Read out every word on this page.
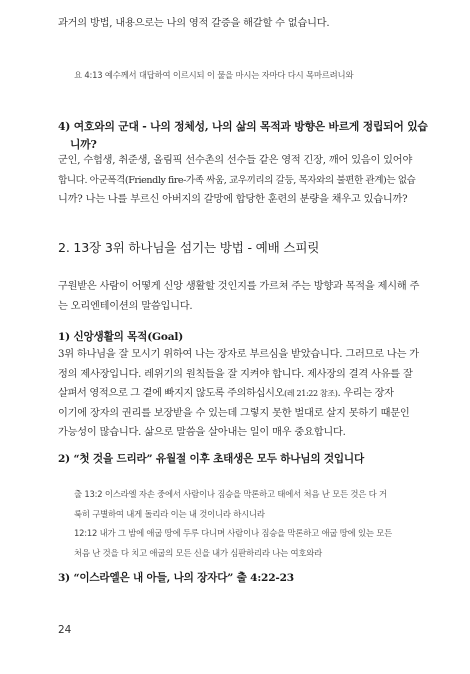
과거의 방법, 내용으로는 나의 영적 갈증을 해갈할 수 없습니다.
요 4:13 예수께서 대답하여 이르시되 이 물을 마시는 자마다 다시 목마르려니와
4) 여호와의 군대 - 나의 정체성, 나의 삶의 목적과 방향은 바르게 정립되어 있습
니까?
군인, 수험생, 취준생, 올림픽 선수촌의 선수들 같은 영적 긴장, 깨어 있음이 있어야
합니다. 아군폭격(Friendly fire-가족 싸움, 교우끼리의 갈등, 목자와의 불편한 관계)는 없습
니까? 나는 나를 부르신 아버지의 갈망에 합당한 훈련의 분량을 채우고 있습니까?
2. 13장 3위 하나님을 섬기는 방법 - 예배 스피릿
구원받은 사람이 어떻게 신앙 생활할 것인지를 가르쳐 주는 방향과 목적을 제시해 주
는 오리엔테이션의 말씀입니다.
1) 신앙생활의 목적(Goal)
3위 하나님을 잘 모시기 위하여 나는 장자로 부르심을 받았습니다. 그러므로 나는 가
정의 제사장입니다. 레위기의 원칙들을 잘 지켜야 합니다. 제사장의 결격 사유를 잘
살펴서 영적으로 그 곁에 빠지지 않도록 주의하십시오(레 21:22 참조). 우리는 장자
이기에 장자의 권리를 보장받을 수 있는데 그렇지 못한 벌대로 살지 못하기 때문인
가능성이 많습니다. 삶으로 말씀을 살아내는 일이 매우 중요합니다.
2) “첫 것을 드리라” 유월절 이후 초태생은 모두 하나님의 것입니다
출 13:2 이스라엘 자손 중에서 사람이나 짐승을 막론하고 태에서 처음 난 모든 것은 다 거
룩히 구별하여 내게 돌리라 이는 내 것이니라 하시니라
12:12 내가 그 밤에 애굽 땅에 두루 다니며 사람이나 짐승을 막론하고 애굽 땅에 있는 모든
처음 난 것을 다 치고 애굽의 모든 신을 내가 심판하리라 나는 여호와라
3) “이스라엘은 내 아들, 나의 장자다” 출 4:22-23
24
